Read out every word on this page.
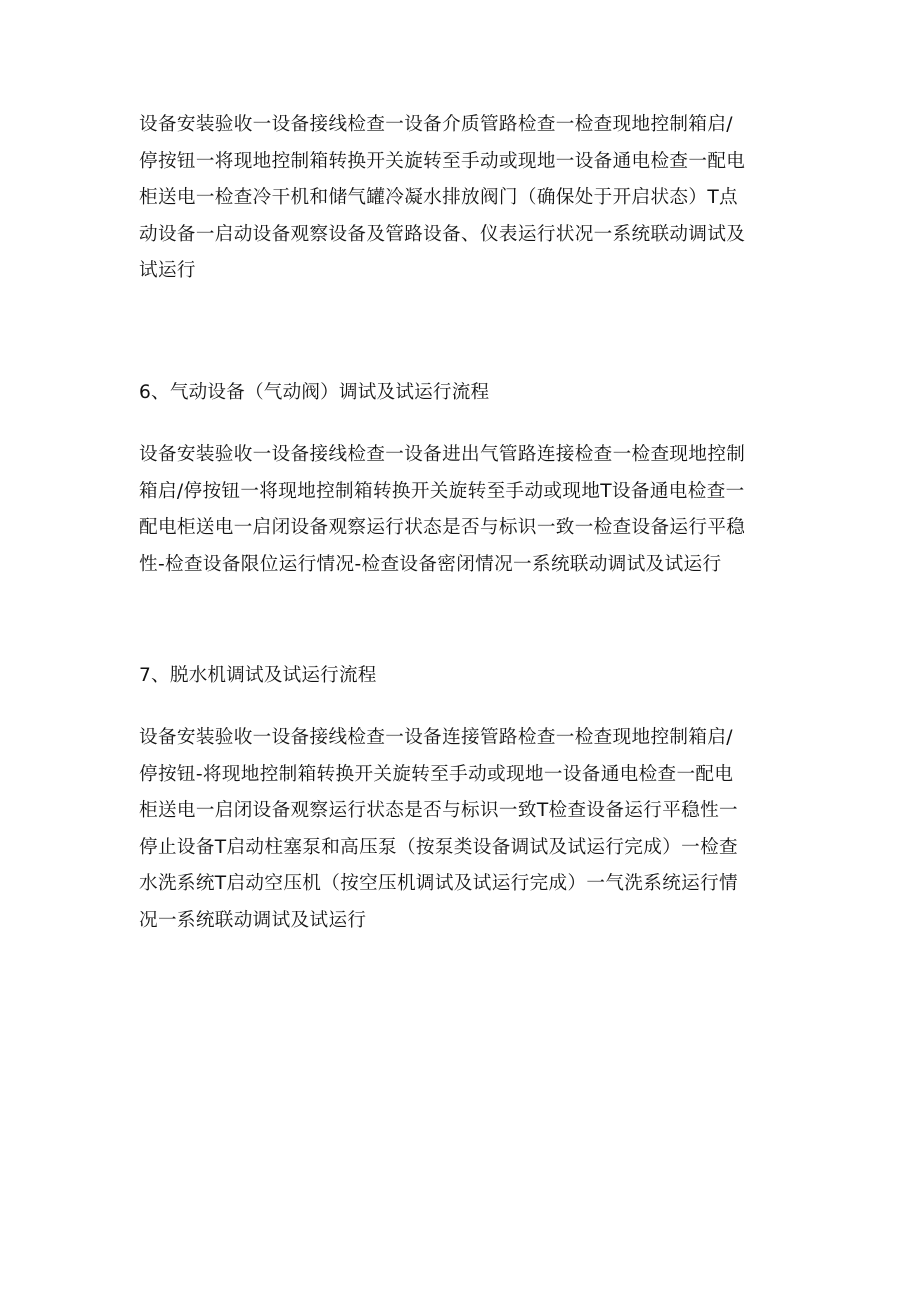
设备安装验收一设备接线检查一设备介质管路检查一检查现地控制箱启/
停按钮一将现地控制箱转换开关旋转至手动或现地一设备通电检查一配电
柜送电一检查冷干机和储气罐冷凝水排放阀门（确保处于开启状态）T点
动设备一启动设备观察设备及管路设备、仪表运行状况一系统联动调试及
试运行
6、气动设备（气动阀）调试及试运行流程
设备安装验收一设备接线检查一设备进出气管路连接检查一检查现地控制
箱启/停按钮一将现地控制箱转换开关旋转至手动或现地T设备通电检查一
配电柜送电一启闭设备观察运行状态是否与标识一致一检查设备运行平稳
性-检查设备限位运行情况-检查设备密闭情况一系统联动调试及试运行
7、脱水机调试及试运行流程
设备安装验收一设备接线检查一设备连接管路检查一检查现地控制箱启/
停按钮-将现地控制箱转换开关旋转至手动或现地一设备通电检查一配电
柜送电一启闭设备观察运行状态是否与标识一致T检查设备运行平稳性一
停止设备T启动柱塞泵和高压泵（按泵类设备调试及试运行完成）一检查
水洗系统T启动空压机（按空压机调试及试运行完成）一气洗系统运行情
况一系统联动调试及试运行
